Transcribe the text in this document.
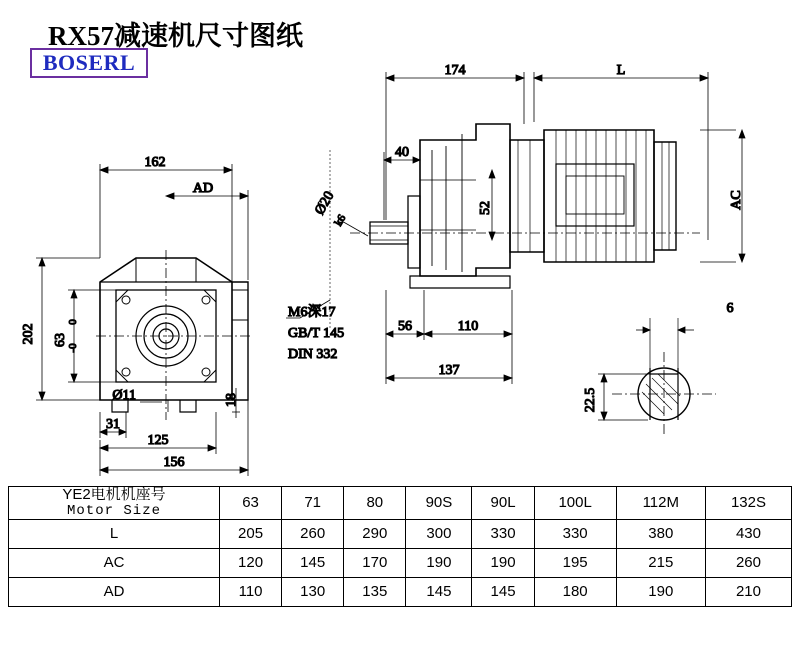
RX57减速机尺寸图纸
BOSERL
162
AD
202 63
0
-0
31
125
156
Ø11	18
174	L
40
Ø20
k6
52	AC
56	110
137
M6深17
GB/T 145
DIN 332
6
22.5
YE2电机机座号
Motor Size	63	71	80	90S	90L	100L	112M	132S
L	205	260	290	300	330	330	380	430
AC	120	145	170	190	190	195	215	260
AD	110	130	135	145	145	180	190	210
